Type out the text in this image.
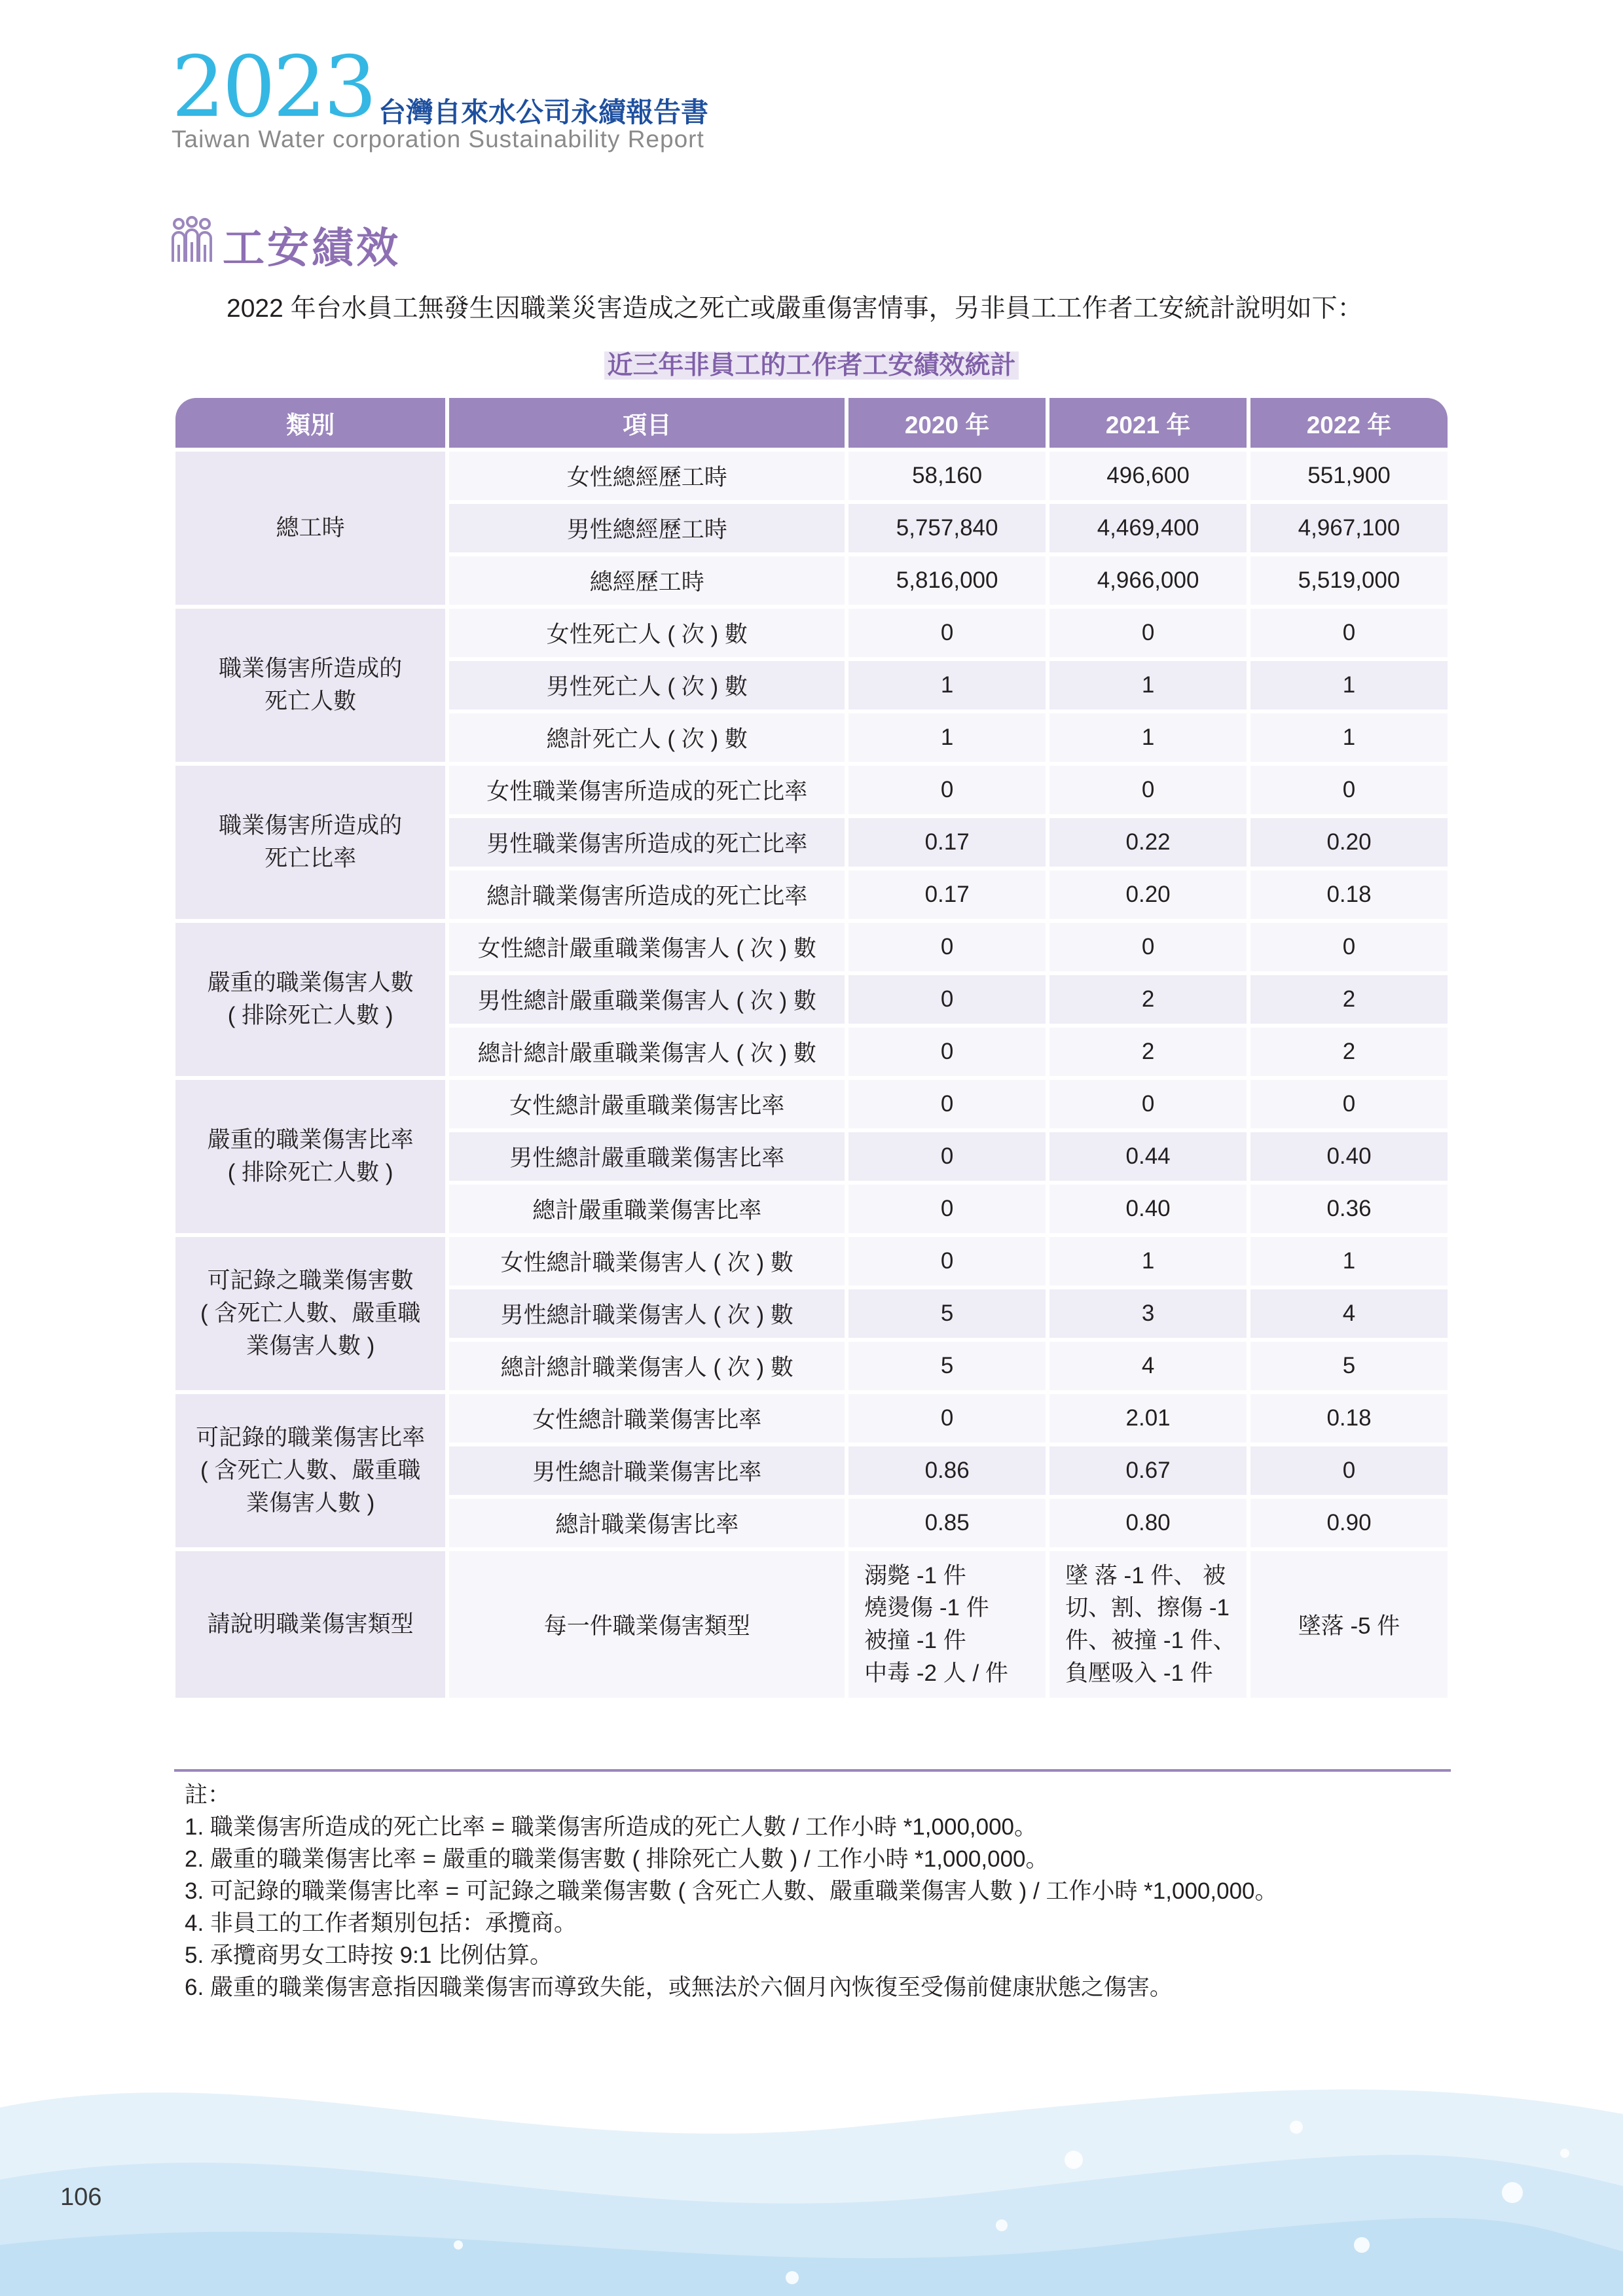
2023 台灣自來水公司永續報告書
Taiwan Water corporation Sustainability Report
工安績效
2022 年台水員工無發生因職業災害造成之死亡或嚴重傷害情事，另非員工工作者工安統計說明如下：
近三年非員工的工作者工安績效統計
類別	項目	2020 年	2021 年	2022 年
總工時	女性總經歷工時	58,160	496,600	551,900
	男性總經歷工時	5,757,840	4,469,400	4,967,100
	總經歷工時	5,816,000	4,966,000	5,519,000
職業傷害所造成的
死亡人數	女性死亡人 ( 次 ) 數	0	0	0
	男性死亡人 ( 次 ) 數	1	1	1
	總計死亡人 ( 次 ) 數	1	1	1
職業傷害所造成的
死亡比率	女性職業傷害所造成的死亡比率	0	0	0
	男性職業傷害所造成的死亡比率	0.17	0.22	0.20
	總計職業傷害所造成的死亡比率	0.17	0.20	0.18
嚴重的職業傷害人數
( 排除死亡人數 )	女性總計嚴重職業傷害人 ( 次 ) 數	0	0	0
	男性總計嚴重職業傷害人 ( 次 ) 數	0	2	2
	總計總計嚴重職業傷害人 ( 次 ) 數	0	2	2
嚴重的職業傷害比率
( 排除死亡人數 )	女性總計嚴重職業傷害比率	0	0	0
	男性總計嚴重職業傷害比率	0	0.44	0.40
	總計嚴重職業傷害比率	0	0.40	0.36
可記錄之職業傷害數
( 含死亡人數、嚴重職
業傷害人數 )	女性總計職業傷害人 ( 次 ) 數	0	1	1
	男性總計職業傷害人 ( 次 ) 數	5	3	4
	總計總計職業傷害人 ( 次 ) 數	5	4	5
可記錄的職業傷害比率
( 含死亡人數、嚴重職
業傷害人數 )	女性總計職業傷害比率	0	2.01	0.18
	男性總計職業傷害比率	0.86	0.67	0
	總計職業傷害比率	0.85	0.80	0.90
請說明職業傷害類型	每一件職業傷害類型	溺斃 -1 件
燒燙傷 -1 件
被撞 -1 件
中毒 -2 人 / 件	墜 落 -1 件、 被
切、割、擦傷 -1
件、被撞 -1 件、
負壓吸入 -1 件	墜落 -5 件
註：
1. 職業傷害所造成的死亡比率 = 職業傷害所造成的死亡人數 / 工作小時 *1,000,000。
2. 嚴重的職業傷害比率 = 嚴重的職業傷害數 ( 排除死亡人數 ) / 工作小時 *1,000,000。
3. 可記錄的職業傷害比率 = 可記錄之職業傷害數 ( 含死亡人數、嚴重職業傷害人數 ) / 工作小時 *1,000,000。
4. 非員工的工作者類別包括：承攬商。
5. 承攬商男女工時按 9:1 比例估算。
6. 嚴重的職業傷害意指因職業傷害而導致失能，或無法於六個月內恢復至受傷前健康狀態之傷害。
106
